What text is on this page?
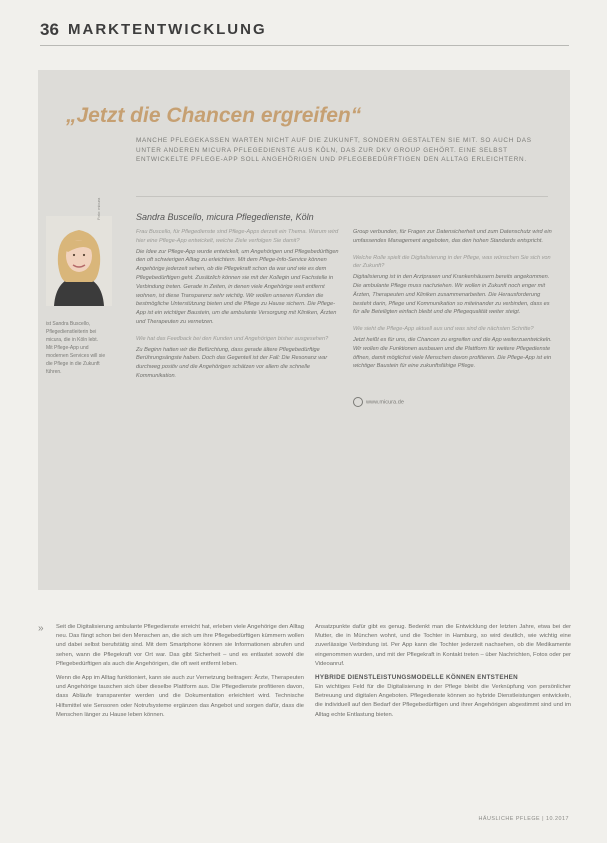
36 MARKTENTWICKLUNG
„Jetzt die Chancen ergreifen“
MANCHE PFLEGEKASSEN WARTEN NICHT AUF DIE ZUKUNFT, SONDERN GESTALTEN SIE MIT. SO AUCH DAS UNTER ANDEREN MICURA PFLEGEDIENSTE AUS KÖLN, DAS ZUR DKV GROUP GEHÖRT. EINE SELBST ENTWICKELTE PFLEGE-APP SOLL ANGEHÖRIGEN UND PFLEGEBEDÜRFTIGEN DEN ALLTAG ERLEICHTERN.
Foto: micura
ist Sandra Buscello, Pflegedienstleiterin bei micura, die in Köln lebt. Mit Pflege-App und modernen Services will sie die Pflege in die Zukunft führen.
Sandra Buscello, micura Pflegedienste, Köln

Frau Buscello, für Pflegedienste sind Pflege-Apps derzeit ein Thema. Warum wird hier eine Pflege-App entwickelt, welche Ziele verfolgen Sie damit?

Die Idee zur Pflege-App wurde entwickelt, um Angehörigen und Pflegebedürftigen den oft schwierigen Alltag zu erleichtern. Mit dem Pflege-Info-Service können Angehörige jederzeit sehen, ob die Pflegekraft schon da war und wie es dem Pflegebedürftigen geht. Zusätzlich können sie mit der Kollegin und Fachstelle in Verbindung treten. Gerade in Zeiten, in denen viele Angehörige weit entfernt wohnen, ist diese Transparenz sehr wichtig. Wir wollen unseren Kunden die bestmögliche Unterstützung bieten und die Pflege zu Hause sichern. Die Pflege-App ist ein wichtiger Baustein, um die ambulante Versorgung mit Kliniken, Ärzten und Therapeuten zu vernetzen.

Wie hat das Feedback bei den Kunden und Angehörigen bisher ausgesehen?

Zu Beginn hatten wir die Befürchtung, dass gerade ältere Pflegebedürftige Berührungsängste haben. Doch das Gegenteil ist der Fall: Die Resonanz war durchweg positiv und die Angehörigen schätzen vor allem die schnelle Kommunikation.

Group verbunden, für Fragen zur Datensicherheit und zum Datenschutz wird ein umfassendes Management angeboten, das den hohen Standards entspricht.

Welche Rolle spielt die Digitalisierung in der Pflege, was wünschen Sie sich von der Zukunft?

Digitalisierung ist in den Arztpraxen und Krankenhäusern bereits angekommen. Die ambulante Pflege muss nachziehen. Wir wollen in Zukunft noch enger mit Ärzten, Therapeuten und Kliniken zusammenarbeiten. Die Herausforderung besteht darin, Pflege und Kommunikation so miteinander zu verbinden, dass es für alle Beteiligten einfach bleibt und die Pflegequalität weiter steigt.

Wie sieht die Pflege-App aktuell aus und was sind die nächsten Schritte?

Jetzt heißt es für uns, die Chancen zu ergreifen und die App weiterzuentwickeln. Wir wollen die Funktionen ausbauen und die Plattform für weitere Pflegedienste öffnen, damit möglichst viele Menschen davon profitieren. Die Pflege-App ist ein wichtiger Baustein für eine zukunftsfähige Pflege.

www.micura.de
» Seit die Digitalisierung ambulante Pflegedienste erreicht hat, erleben viele Angehörige den Alltag neu. Das fängt schon bei den Menschen an, die sich um ihre Pflegebedürftigen kümmern wollen und dabei selbst berufstätig sind. Mit dem Smartphone können sie Informationen abrufen und sehen, wann die Pflegekraft vor Ort war. Das gibt Sicherheit – und es entlastet sowohl die Pflegebedürftigen als auch die Angehörigen, die oft weit entfernt leben.

Wenn die App im Alltag funktioniert, kann sie auch zur Vernetzung beitragen: Ärzte, Therapeuten und Angehörige tauschen sich über dieselbe Plattform aus. Die Pflegedienste profitieren davon, dass Abläufe transparenter werden und die Dokumentation erleichtert wird. Technische Hilfsmittel wie Sensoren oder Notrufsysteme ergänzen das Angebot und sorgen dafür, dass die Menschen länger zu Hause leben können.

Ansatzpunkte dafür gibt es genug. Bedenkt man die Entwicklung der letzten Jahre, etwa bei der Mutter, die in München wohnt, und die Tochter in Hamburg, so wird deutlich, wie wichtig eine zuverlässige Verbindung ist. Per App kann die Tochter jederzeit nachsehen, ob die Medikamente eingenommen wurden, und mit der Pflegekraft in Kontakt treten – über Nachrichten, Fotos oder per Videoanruf.

HYBRIDE DIENSTLEISTUNGSMODELLE KÖNNEN ENTSTEHEN

Ein wichtiges Feld für die Digitalisierung in der Pflege bleibt die Verknüpfung von persönlicher Betreuung und digitalen Angeboten. Pflegedienste können so hybride Dienstleistungen entwickeln, die individuell auf den Bedarf der Pflegebedürftigen und ihrer Angehörigen abgestimmt sind und im Alltag echte Entlastung bieten.

HÄUSLICHE PFLEGE | 10.2017
